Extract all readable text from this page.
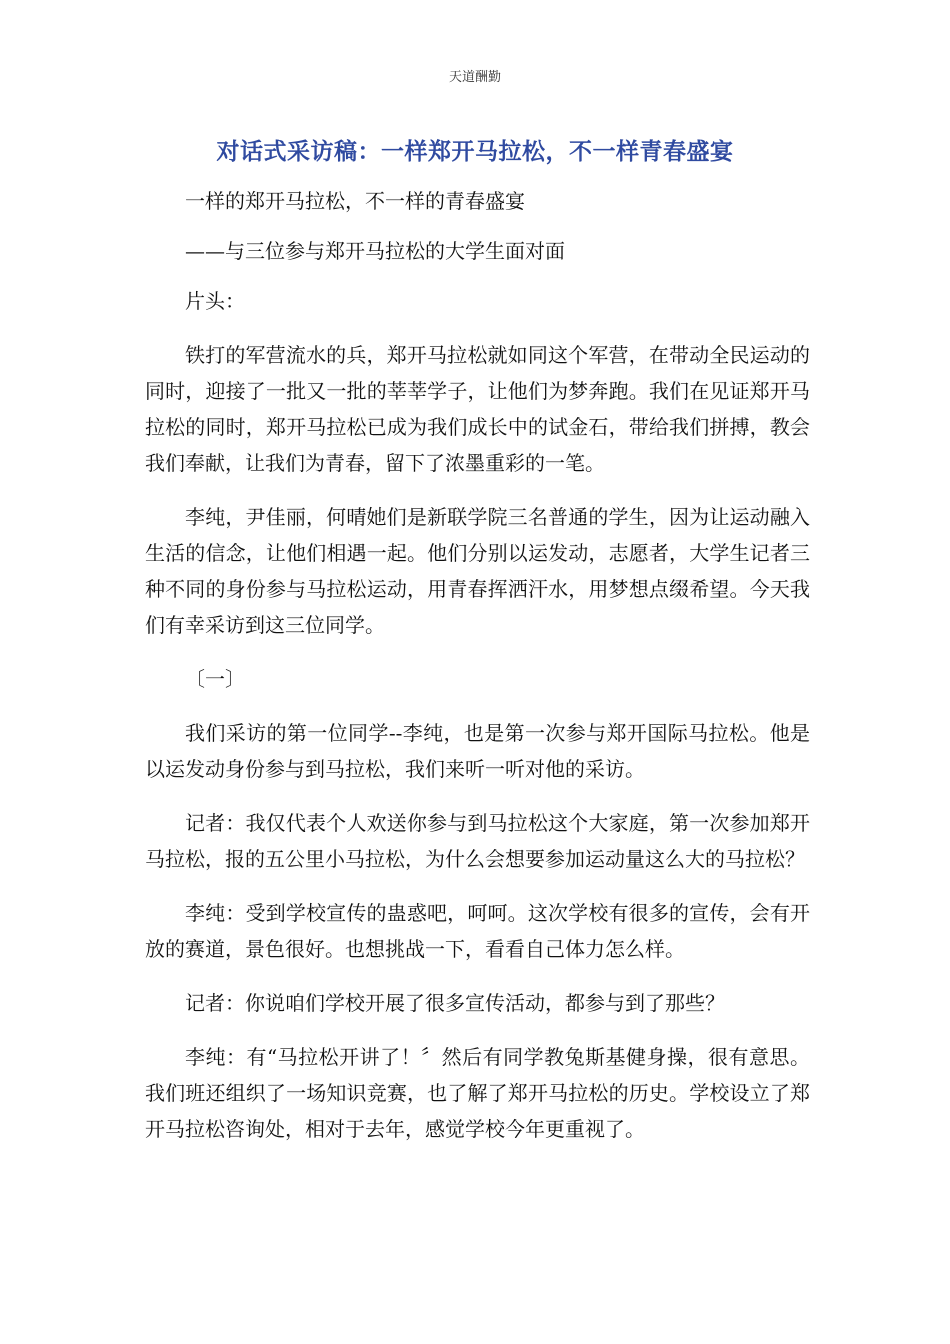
天道酬勤
对话式采访稿：一样郑开马拉松，不一样青春盛宴

一样的郑开马拉松，不一样的青春盛宴

——与三位参与郑开马拉松的大学生面对面

片头：

铁打的军营流水的兵，郑开马拉松就如同这个军营，在带动全民运动的同时，迎接了一批又一批的莘莘学子，让他们为梦奔跑。我们在见证郑开马拉松的同时，郑开马拉松已成为我们成长中的试金石，带给我们拼搏，教会我们奉献，让我们为青春，留下了浓墨重彩的一笔。

李纯，尹佳丽，何晴她们是新联学院三名普通的学生，因为让运动融入生活的信念，让他们相遇一起。他们分别以运发动，志愿者，大学生记者三种不同的身份参与马拉松运动，用青春挥洒汗水，用梦想点缀希望。今天我们有幸采访到这三位同学。

〔一〕

我们采访的第一位同学--李纯，也是第一次参与郑开国际马拉松。他是以运发动身份参与到马拉松，我们来听一听对他的采访。

记者：我仅代表个人欢送你参与到马拉松这个大家庭，第一次参加郑开马拉松，报的五公里小马拉松，为什么会想要参加运动量这么大的马拉松？

李纯：受到学校宣传的蛊惑吧，呵呵。这次学校有很多的宣传，会有开放的赛道，景色很好。也想挑战一下，看看自己体力怎么样。

记者：你说咱们学校开展了很多宣传活动，都参与到了那些？

李纯：有“马拉松开讲了！〞然后有同学教兔斯基健身操，很有意思。我们班还组织了一场知识竞赛，也了解了郑开马拉松的历史。学校设立了郑开马拉松咨询处，相对于去年，感觉学校今年更重视了。
